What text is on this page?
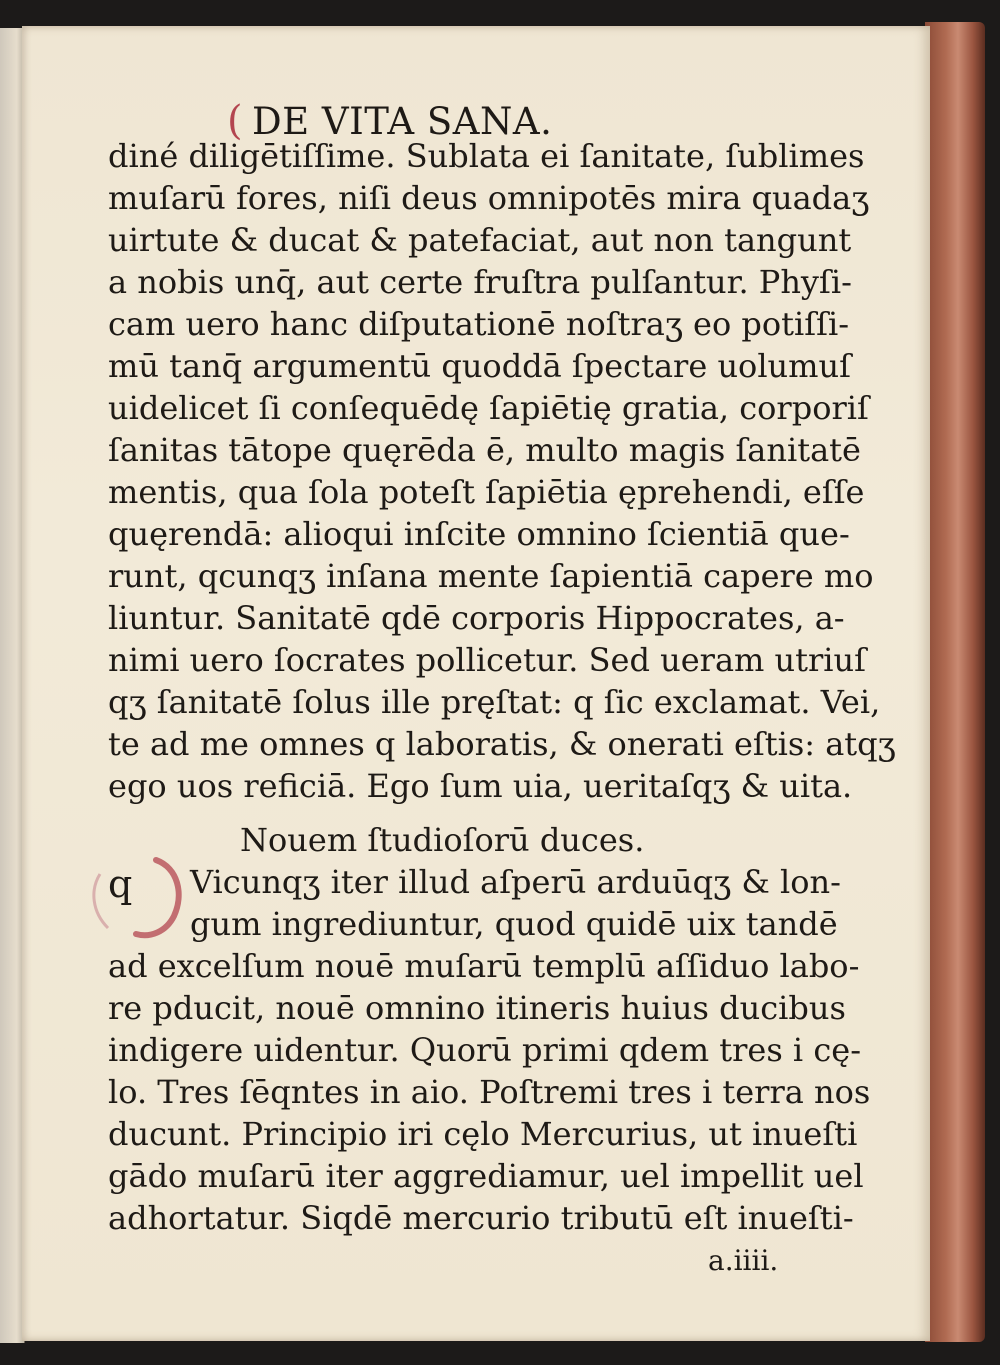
( DE VITA SANA.
diné diligētiſſime. Sublata ei ſanitate, ſublimes
muſarū fores, niſi deus omnipotēs mira quadaʒ
uirtute & ducat & patefaciat, aut non tangunt
a nobis unq̄, aut certe fruſtra pulſantur. Phyſi-
cam uero hanc diſputationē noſtraʒ eo potiſſi-
mū tanq̄ argumentū quoddā ſpectare uolumuſ
uidelicet ſi conſequēdę ſapiētię gratia, corporiſ
ſanitas tātope quęrēda ē, multo magis ſanitatē
mentis, qua ſola poteſt ſapiētia ęprehendi, eſſe
quęrendā: alioqui inſcite omnino ſcientiā que-
runt, qcunqʒ inſana mente ſapientiā capere mo
liuntur. Sanitatē qdē corporis Hippocrates, a-
nimi uero ſocrates pollicetur. Sed ueram utriuſ
qʒ ſanitatē ſolus ille pręſtat: q ſic exclamat. Vei,
te ad me omnes q laboratis, & onerati eſtis: atqʒ
ego uos reficiā. Ego ſum uia, ueritaſqʒ & uita.
Nouem ſtudioſorū duces.
q Vicunqʒ iter illud aſperū arduūqʒ & lon-
gum ingrediuntur, quod quidē uix tandē
ad excelſum nouē muſarū templū aſſiduo labo-
re pducit, nouē omnino itineris huius ducibus
indigere uidentur. Quorū primi qdem tres i cę-
lo. Tres ſēqntes in aio. Poſtremi tres i terra nos
ducunt. Principio iri cęlo Mercurius, ut inueſti
gādo muſarū iter aggrediamur, uel impellit uel
adhortatur. Siqdē mercurio tributū eſt inueſti-
a.iiii.
